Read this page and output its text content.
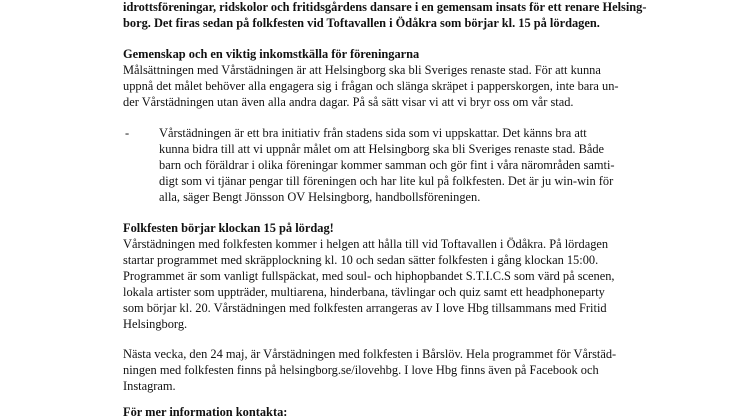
idrottsföreningar, ridskolor och fritidsgårdens dansare i en gemensam insats för ett renare Helsing-
borg. Det firas sedan på folkfesten vid Toftavallen i Ödåkra som börjar kl. 15 på lördagen.
Gemenskap och en viktig inkomstkälla för föreningarna
Målsättningen med Vårstädningen är att Helsingborg ska bli Sveriges renaste stad. För att kunna
uppnå det målet behöver alla engagera sig i frågan och slänga skräpet i papperskorgen, inte bara un-
der Vårstädningen utan även alla andra dagar. På så sätt visar vi att vi bryr oss om vår stad.
- Vårstädningen är ett bra initiativ från stadens sida som vi uppskattar. Det känns bra att
kunna bidra till att vi uppnår målet om att Helsingborg ska bli Sveriges renaste stad. Både
barn och föräldrar i olika föreningar kommer samman och gör fint i våra närområden samti-
digt som vi tjänar pengar till föreningen och har lite kul på folkfesten. Det är ju win-win för
alla, säger Bengt Jönsson OV Helsingborg, handbollsföreningen.
Folkfesten börjar klockan 15 på lördag!
Vårstädningen med folkfesten kommer i helgen att hålla till vid Toftavallen i Ödåkra. På lördagen
startar programmet med skräpplockning kl. 10 och sedan sätter folkfesten i gång klockan 15:00.
Programmet är som vanligt fullspäckat, med soul- och hiphopbandet S.T.I.C.S som värd på scenen,
lokala artister som uppträder, multiarena, hinderbana, tävlingar och quiz samt ett headphoneparty
som börjar kl. 20. Vårstädningen med folkfesten arrangeras av I love Hbg tillsammans med Fritid
Helsingborg.
Nästa vecka, den 24 maj, är Vårstädningen med folkfesten i Bårslöv. Hela programmet för Vårstäd-
ningen med folkfesten finns på helsingborg.se/ilovehbg. I love Hbg finns även på Facebook och
Instagram.
För mer information kontakta:
